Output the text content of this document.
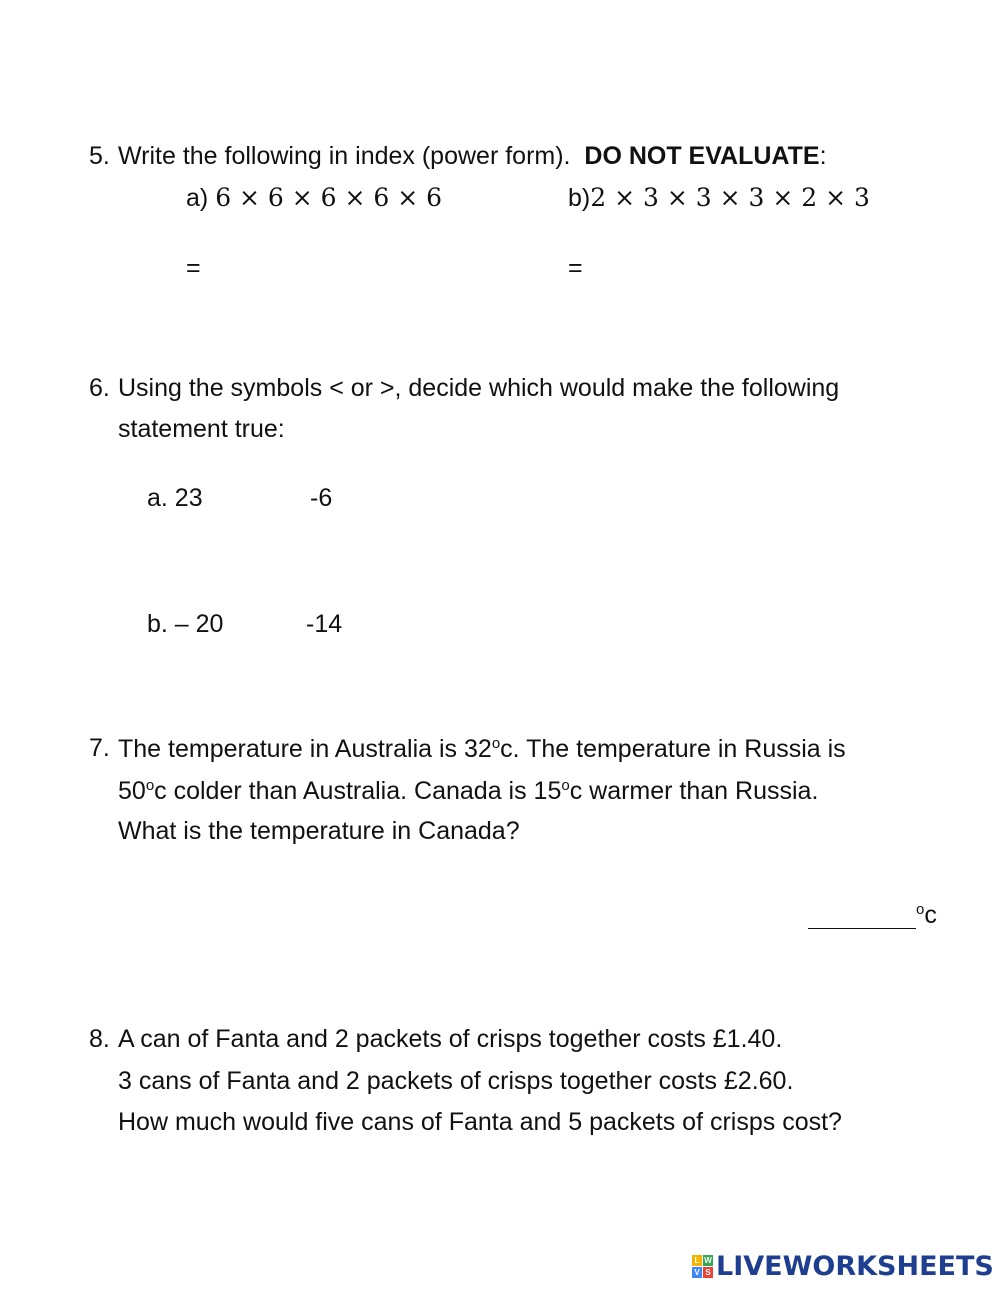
5. Write the following in index (power form).  DO NOT EVALUATE:
a) 6 × 6 × 6 × 6 × 6	b)2 × 3 × 3 × 3 × 2 × 3
=	=
6. Using the symbols < or >, decide which would make the following
statement true:
a. 23	-6
b. – 20	-14
7. The temperature in Australia is 32$^o$c. The temperature in Russia is
50$^o$c colder than Australia. Canada is 15$^o$c warmer than Russia.
What is the temperature in Canada?
$^o$c
8. A can of Fanta and 2 packets of crisps together costs £1.40.
3 cans of Fanta and 2 packets of crisps together costs £2.60.
How much would five cans of Fanta and 5 packets of crisps cost?
L W
V S LIVEWORKSHEETS
